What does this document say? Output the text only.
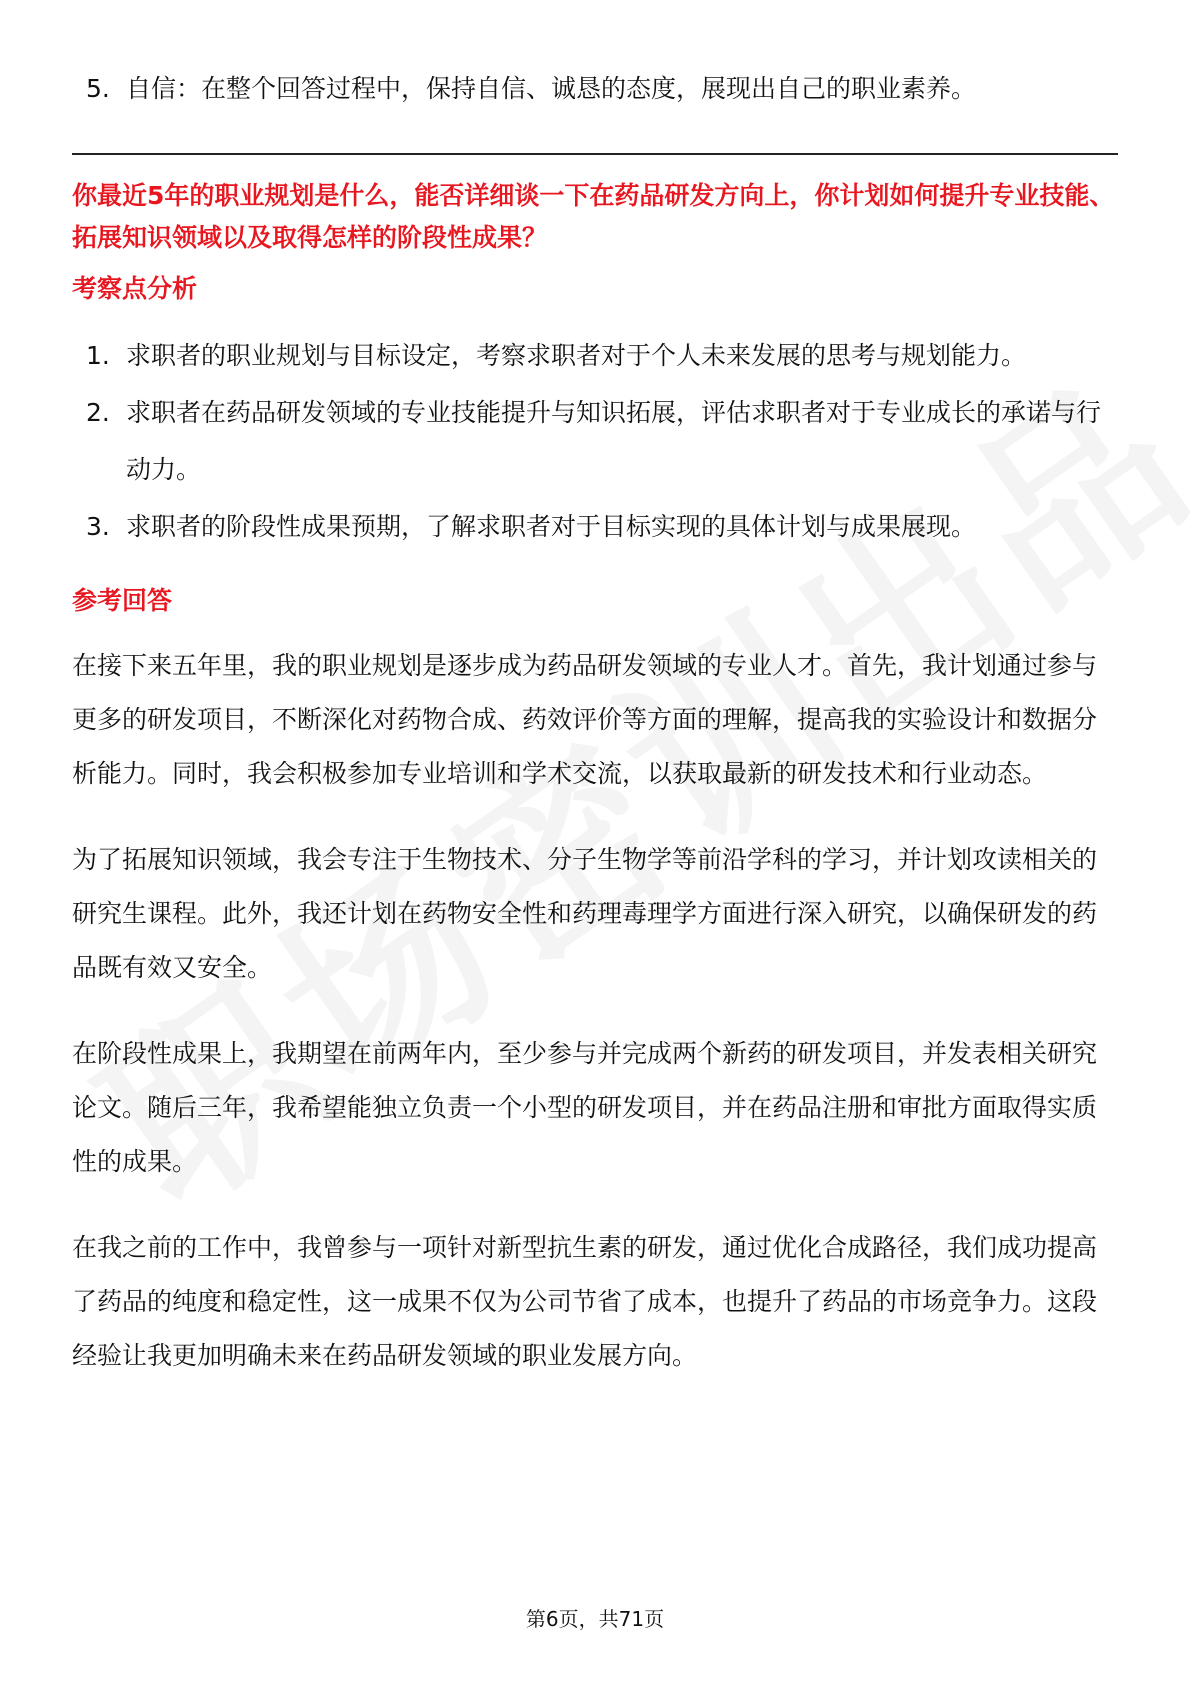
5. 自信：在整个回答过程中，保持自信、诚恳的态度，展现出自己的职业素养。
你最近5年的职业规划是什么，能否详细谈一下在药品研发方向上，你计划如何提升专业技能、拓展知识领域以及取得怎样的阶段性成果？
考察点分析
1. 求职者的职业规划与目标设定，考察求职者对于个人未来发展的思考与规划能力。
2. 求职者在药品研发领域的专业技能提升与知识拓展，评估求职者对于专业成长的承诺与行动力。
3. 求职者的阶段性成果预期，了解求职者对于目标实现的具体计划与成果展现。
参考回答

在接下来五年里，我的职业规划是逐步成为药品研发领域的专业人才。首先，我计划通过参与更多的研发项目，不断深化对药物合成、药效评价等方面的理解，提高我的实验设计和数据分析能力。同时，我会积极参加专业培训和学术交流，以获取最新的研发技术和行业动态。

为了拓展知识领域，我会专注于生物技术、分子生物学等前沿学科的学习，并计划攻读相关的研究生课程。此外，我还计划在药物安全性和药理毒理学方面进行深入研究，以确保研发的药品既有效又安全。

在阶段性成果上，我期望在前两年内，至少参与并完成两个新药的研发项目，并发表相关研究论文。随后三年，我希望能独立负责一个小型的研发项目，并在药品注册和审批方面取得实质性的成果。

在我之前的工作中，我曾参与一项针对新型抗生素的研发，通过优化合成路径，我们成功提高了药品的纯度和稳定性，这一成果不仅为公司节省了成本，也提升了药品的市场竞争力。这段经验让我更加明确未来在药品研发领域的职业发展方向。

第6页，共71页
